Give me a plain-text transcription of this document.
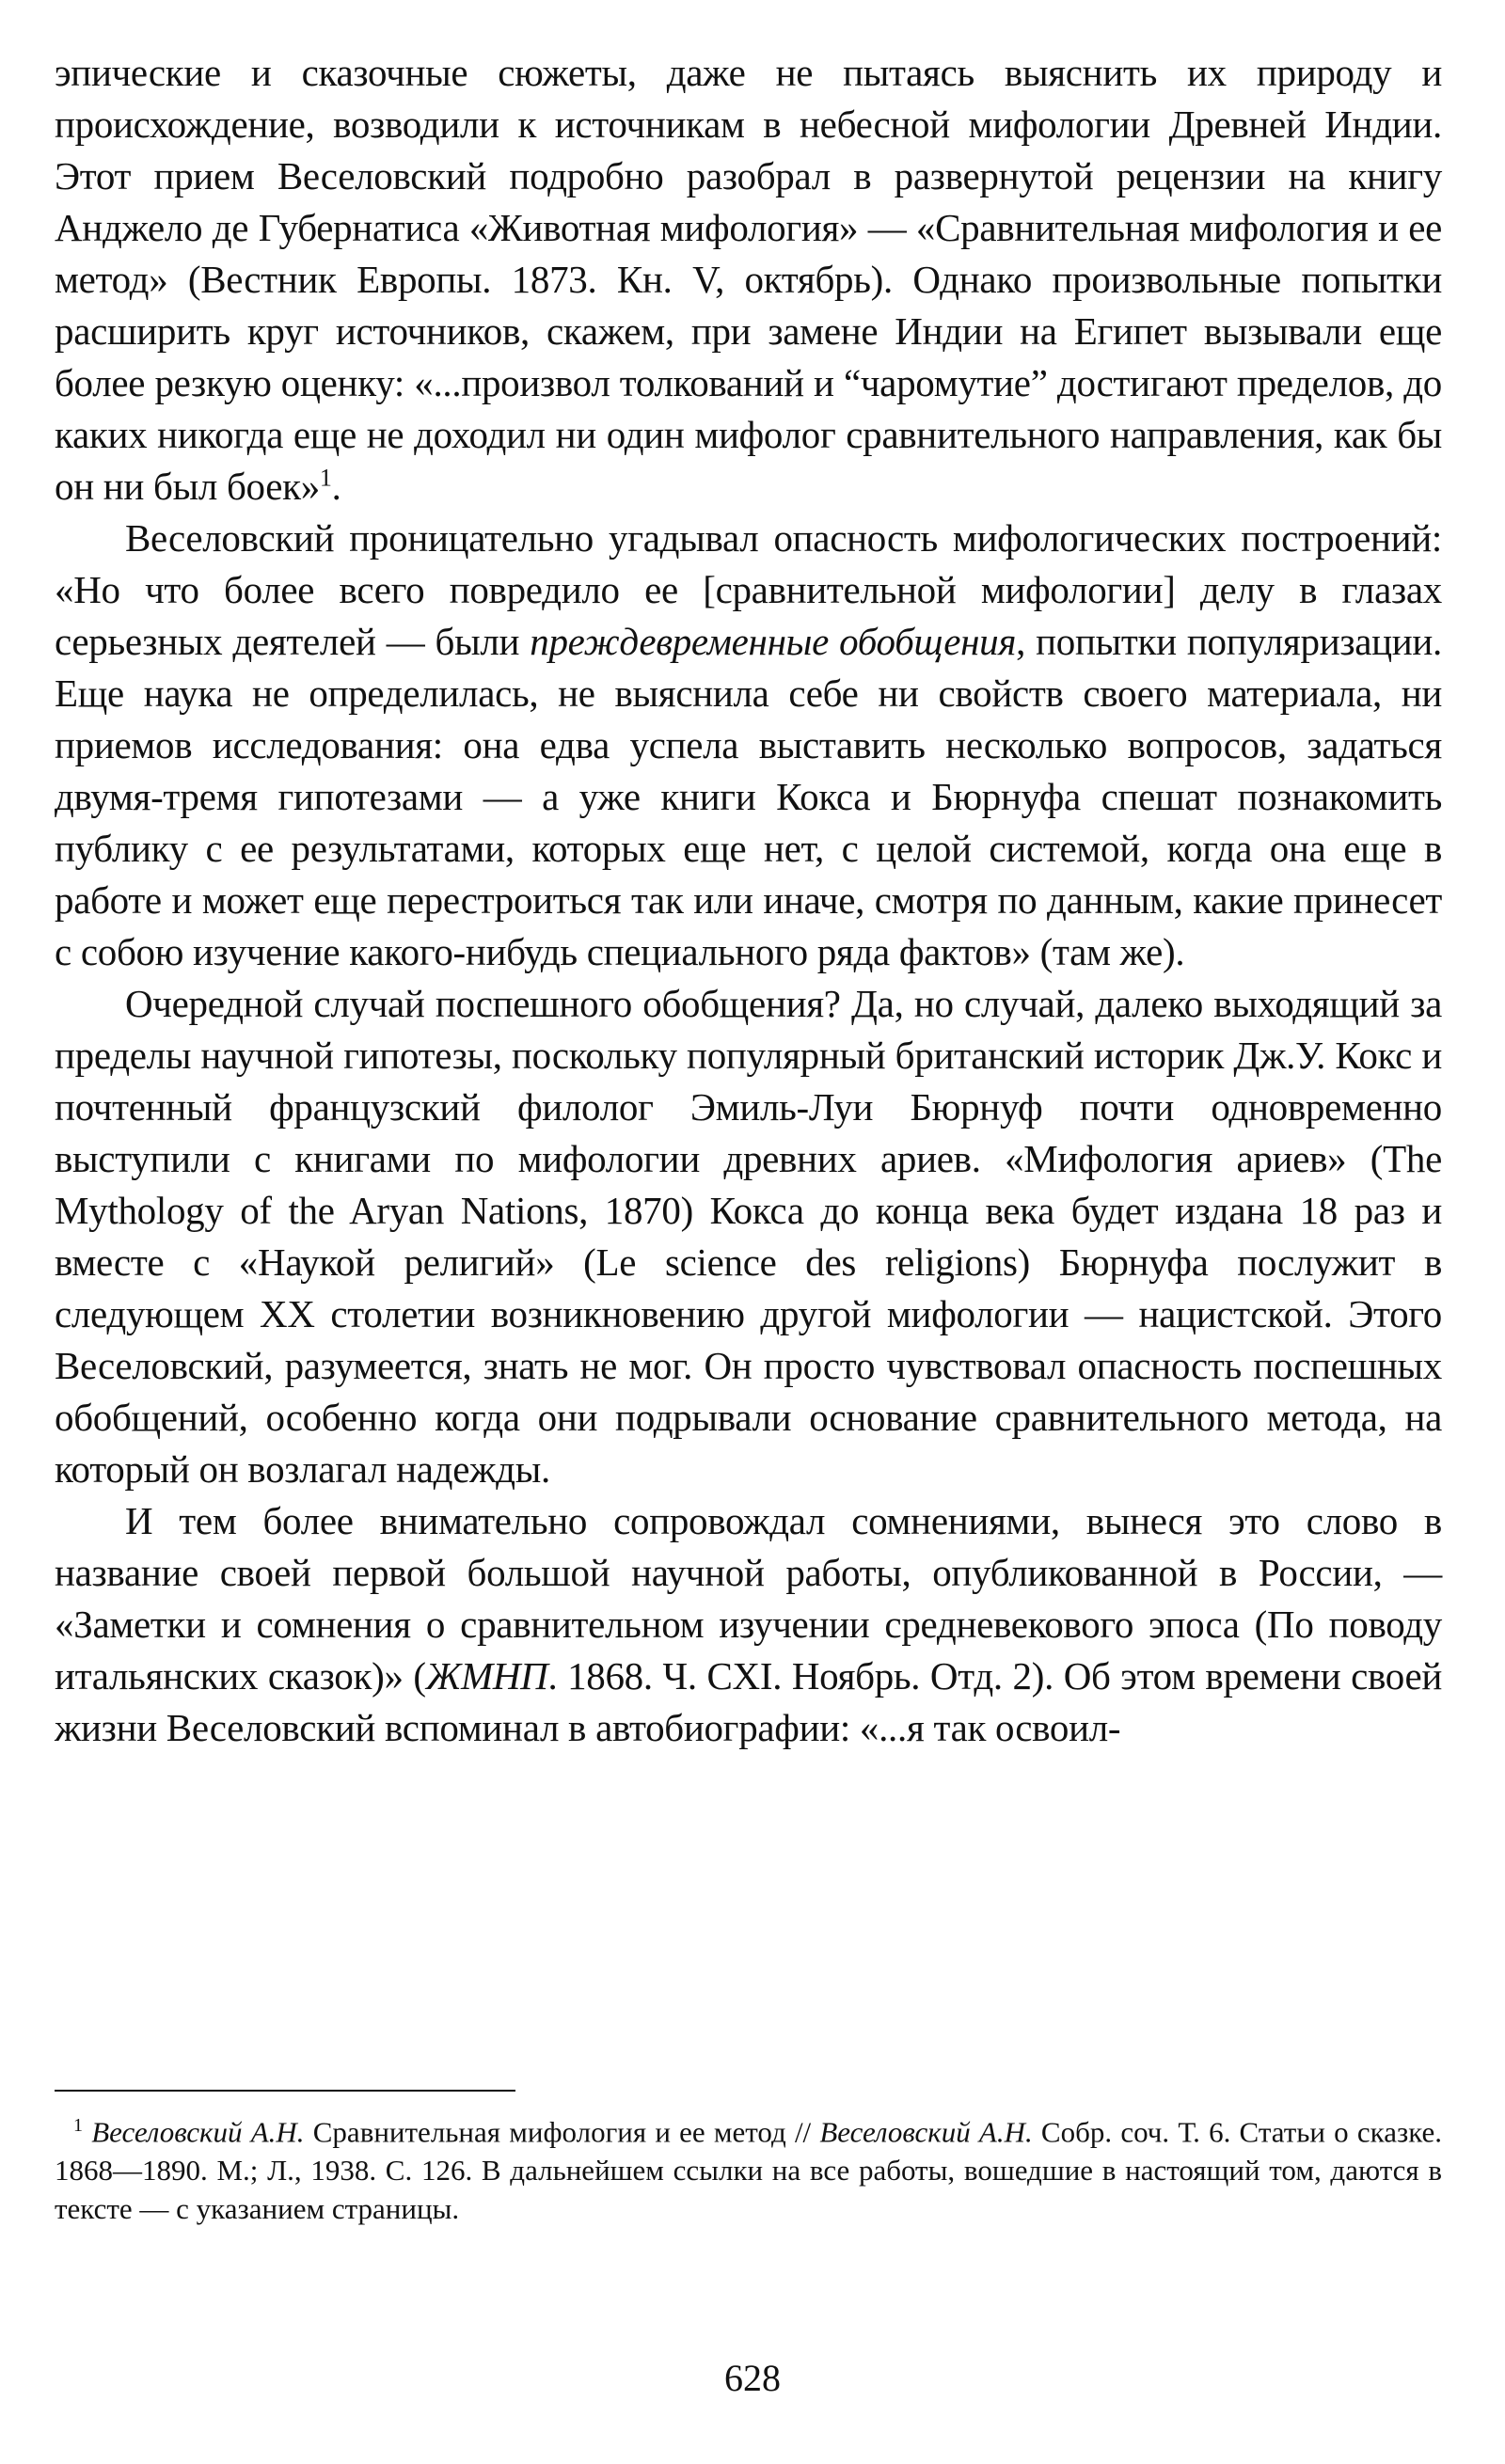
эпические и сказочные сюжеты, даже не пытаясь выяснить их природу и происхождение, возводили к источникам в небесной мифологии Древней Индии. Этот прием Веселовский подробно разобрал в развернутой рецензии на книгу Анджело де Губернатиса «Животная мифология» — «Сравнительная мифология и ее метод» (Вестник Европы. 1873. Кн. V, октябрь). Однако произвольные попытки расширить круг источников, скажем, при замене Индии на Египет вызывали еще более резкую оценку: «...произвол толкований и “чаромутие” достигают пределов, до каких никогда еще не доходил ни один мифолог сравнительного направления, как бы он ни был боек»$^1$.

Веселовский проницательно угадывал опасность мифологических построений: «Но что более всего повредило ее [сравнительной мифологии] делу в глазах серьезных деятелей — были преждевременные обобщения, попытки популяризации. Еще наука не определилась, не выяснила себе ни свойств своего материала, ни приемов исследования: она едва успела выставить несколько вопросов, задаться двумя-тремя гипотезами — а уже книги Кокса и Бюрнуфа спешат познакомить публику с ее результатами, которых еще нет, с целой системой, когда она еще в работе и может еще перестроиться так или иначе, смотря по данным, какие принесет с собою изучение какого-нибудь специального ряда фактов» (там же).

Очередной случай поспешного обобщения? Да, но случай, далеко выходящий за пределы научной гипотезы, поскольку популярный британский историк Дж.У. Кокс и почтенный французский филолог Эмиль-Луи Бюрнуф почти одновременно выступили с книгами по мифологии древних ариев. «Мифология ариев» (The Mythology of the Aryan Nations, 1870) Кокса до конца века будет издана 18 раз и вместе с «Наукой религий» (Le science des religions) Бюрнуфа послужит в следующем XX столетии возникновению другой мифологии — нацистской. Этого Веселовский, разумеется, знать не мог. Он просто чувствовал опасность поспешных обобщений, особенно когда они подрывали основание сравнительного метода, на который он возлагал надежды.

И тем более внимательно сопровождал сомнениями, вынеся это слово в название своей первой большой научной работы, опубликованной в России, — «Заметки и сомнения о сравнительном изучении средневекового эпоса (По поводу итальянских сказок)» (ЖМНП. 1868. Ч. CXI. Ноябрь. Отд. 2). Об этом времени своей жизни Веселовский вспоминал в автобиографии: «...я так освоил-

$^1$ Веселовский А.Н. Сравнительная мифология и ее метод // Веселовский А.Н. Собр. соч. Т. 6. Статьи о сказке. 1868—1890. М.; Л., 1938. С. 126. В дальнейшем ссылки на все работы, вошедшие в настоящий том, даются в тексте — с указанием страницы.

628
